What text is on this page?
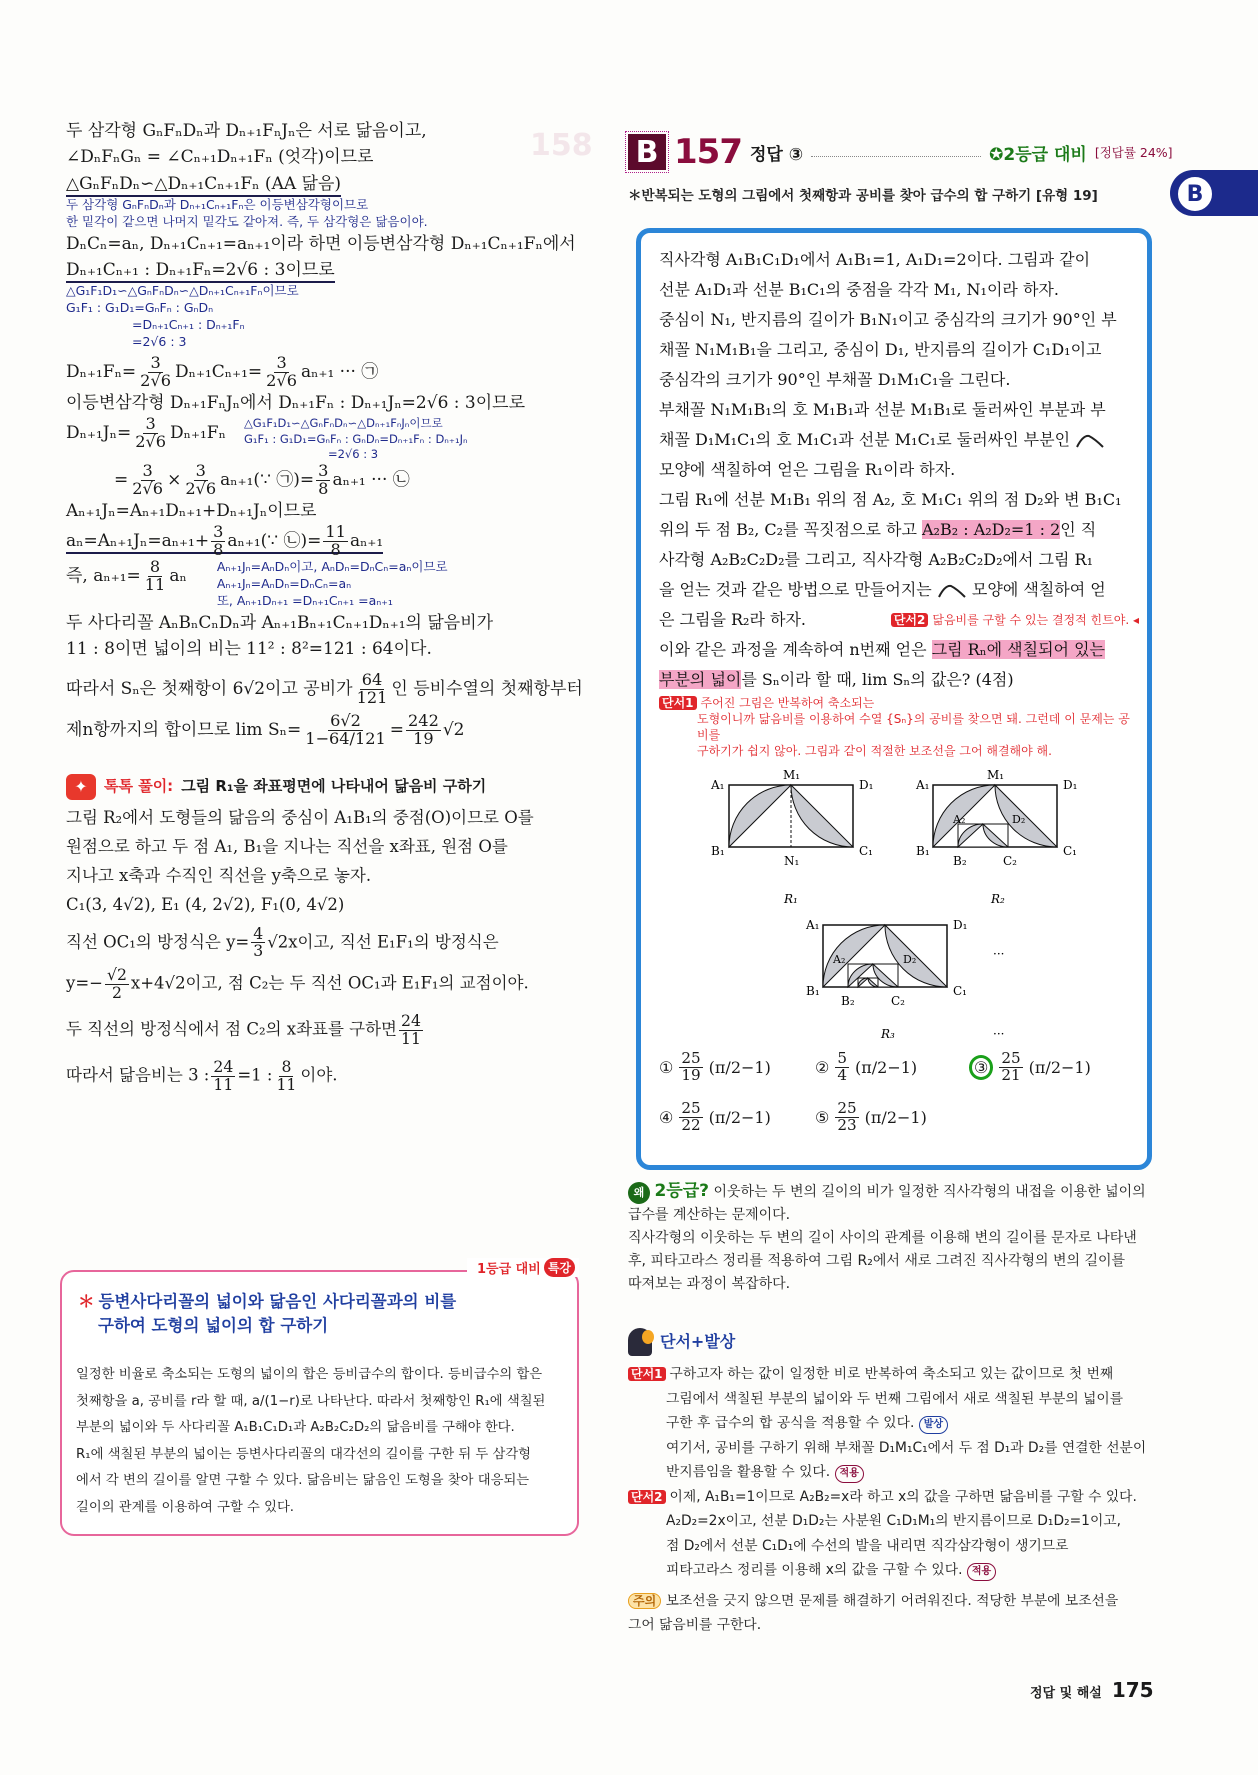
158

두 삼각형 GₙFₙDₙ과 Dₙ₊₁FₙJₙ은 서로 닮음이고,

∠DₙFₙGₙ = ∠Cₙ₊₁Dₙ₊₁Fₙ (엇각)이므로

△GₙFₙDₙ∽△Dₙ₊₁Cₙ₊₁Fₙ (AA 닮음)

두 삼각형 GₙFₙDₙ과 Dₙ₊₁Cₙ₊₁Fₙ은 이등변삼각형이므로
한 밑각이 같으면 나머지 밑각도 같아져. 즉, 두 삼각형은 닮음이야.

DₙCₙ=aₙ, Dₙ₊₁Cₙ₊₁=aₙ₊₁이라 하면 이등변삼각형 Dₙ₊₁Cₙ₊₁Fₙ에서

Dₙ₊₁Cₙ₊₁ : Dₙ₊₁Fₙ=2√6 : 3이므로

△G₁F₁D₁∽△GₙFₙDₙ∽△Dₙ₊₁Cₙ₊₁Fₙ이므로
G₁F₁ : G₁D₁=GₙFₙ : GₙDₙ
=Dₙ₊₁Cₙ₊₁ : Dₙ₊₁Fₙ
=2√6 : 3

$D_{n+1}F_n= \frac{3}{2√6} D_{n+1}C_{n+1}= \frac{3}{2√6} a_{n+1}$ ··· ㉠

이등변삼각형 Dₙ₊₁FₙJₙ에서 Dₙ₊₁Fₙ : Dₙ₊₁Jₙ=2√6 : 3이므로

$D_{n+1}J_n= \frac{3}{2√6} D_{n+1}F_n$ △G₁F₁D₁∽△GₙFₙDₙ∽△Dₙ₊₁FₙJₙ이므로
G₁F₁ : G₁D₁=GₙFₙ : GₙDₙ=Dₙ₊₁Fₙ : Dₙ₊₁Jₙ
=2√6 : 3

= $\frac{3}{2√6} \times \frac{3}{2√6}$ aₙ₊₁(∵ ㉠)= $\frac{3}{8} a_{n+1}$ ··· ㉡

Aₙ₊₁Jₙ=Aₙ₊₁Dₙ₊₁+Dₙ₊₁Jₙ이므로

$a_n=A_{n+1}J_n=a_{n+1}+ \frac{3}{8}$ aₙ₊₁(∵ ㉡)= $\frac{11}{8} a_{n+1}$

즉, $a_{n+1}= \frac{8}{11}$ aₙ Aₙ₊₁Jₙ=AₙDₙ이고, AₙDₙ=DₙCₙ=aₙ이므로
Aₙ₊₁Jₙ=AₙDₙ=DₙCₙ=aₙ
또, Aₙ₊₁Dₙ₊₁ =Dₙ₊₁Cₙ₊₁ =aₙ₊₁

두 사다리꼴 AₙBₙCₙDₙ과 Aₙ₊₁Bₙ₊₁Cₙ₊₁Dₙ₊₁의 닮음비가

11 : 8이면 넓이의 비는 11² : 8²=121 : 64이다.

따라서 Sₙ은 첫째항이 6√2이고 공비가 $\frac{64}{121}$ 인 등비수열의 첫째항부터

제n항까지의 합이므로 $\lim S_n= \frac{6√2}{1-64/121} = \frac{242}{19} √2$

✦	톡톡 풀이: 그림 R₁을 좌표평면에 나타내어 닮음비 구하기

그림 R₂에서 도형들의 닮음의 중심이 A₁B₁의 중점(O)이므로 O를

원점으로 하고 두 점 A₁, B₁을 지나는 직선을 x좌표, 원점 O를

지나고 x축과 수직인 직선을 y축으로 놓자.

C₁(3, 4√2), E₁ (4, 2√2), F₁(0, 4√2)

직선 OC₁의 방정식은 $y= \frac{4}{3} √2x$이고, 직선 E₁F₁의 방정식은

$y=- \frac{√2}{2} x+4√2$이고, 점 C₂는 두 직선 OC₁과 E₁F₁의 교점이야.

두 직선의 방정식에서 점 C₂의 x좌표를 구하면 $\frac{24}{11}$

따라서 닮음비는 3 : $\frac{24}{11} =1$ : $\frac{8}{11}$ 이야.

1등급 대비 특강
＊ 등변사다리꼴의 넓이와 닮음인 사다리꼴과의 비를
구하여 도형의 넓이의 합 구하기
일정한 비율로 축소되는 도형의 넓이의 합은 등비급수의 합이다. 등비급수의 합은
첫째항을 a, 공비를 r라 할 때, a/(1−r)로 나타난다. 따라서 첫째항인 R₁에 색칠된
부분의 넓이와 두 사다리꼴 A₁B₁C₁D₁과 A₂B₂C₂D₂의 닮음비를 구해야 한다.
R₁에 색칠된 부분의 넓이는 등변사다리꼴의 대각선의 길이를 구한 뒤 두 삼각형
에서 각 변의 길이를 알면 구할 수 있다. 닮음비는 닮음인 도형을 찾아 대응되는
길이의 관계를 이용하여 구할 수 있다.
B 157 정답 ③	✪2등급 대비 [정답률 24%]
＊반복되는 도형의 그림에서 첫째항과 공비를 찾아 급수의 합 구하기 [유형 19]	B
직사각형 A₁B₁C₁D₁에서 A₁B₁=1, A₁D₁=2이다. 그림과 같이
선분 A₁D₁과 선분 B₁C₁의 중점을 각각 M₁, N₁이라 하자.
중심이 N₁, 반지름의 길이가 B₁N₁이고 중심각의 크기가 90°인 부
채꼴 N₁M₁B₁을 그리고, 중심이 D₁, 반지름의 길이가 C₁D₁이고
중심각의 크기가 90°인 부채꼴 D₁M₁C₁을 그린다.
부채꼴 N₁M₁B₁의 호 M₁B₁과 선분 M₁B₁로 둘러싸인 부분과 부
채꼴 D₁M₁C₁의 호 M₁C₁과 선분 M₁C₁로 둘러싸인 부분인
모양에 색칠하여 얻은 그림을 R₁이라 하자.
그림 R₁에 선분 M₁B₁ 위의 점 A₂, 호 M₁C₁ 위의 점 D₂와 변 B₁C₁
위의 두 점 B₂, C₂를 꼭짓점으로 하고 A₂B₂ : A₂D₂=1 : 2인 직
사각형 A₂B₂C₂D₂를 그리고, 직사각형 A₂B₂C₂D₂에서 그림 R₁
을 얻는 것과 같은 방법으로 만들어지는	모양에 색칠하여 얻
은 그림을 R₂라 하자.	단서2 닮음비를 구할 수 있는 결정적 힌트야. ◂
이와 같은 과정을 계속하여 n번째 얻은 그림 Rₙ에 색칠되어 있는
부분의 넓이를 Sₙ이라 할 때, lim Sₙ의 값은? (4점)
단서1 주어진 그림은 반복하여 축소되는
도형이니까 닮음비를 이용하여 수열 {Sₙ}의 공비를 찾으면 돼. 그런데 이 문제는 공비를
구하기가 쉽지 않아. 그림과 같이 적절한 보조선을 그어 해결해야 해.
A₁
M₁
D₁
B₁
N₁
C₁
R₁
A₁
M₁
D₁
A₂	D₂
B₁
B₂	C₂
C₁
R₂
A₁	D₁
A₂	D₂
B₁
B₂	C₂
C₁
R₃
···
···
① $\frac{25}{19} (\pi/2-1)$	② $\frac{5}{4} (\pi/2-1)$	③ $\frac{25}{21} (\pi/2-1)$
④ $\frac{25}{22} (\pi/2-1)$	⑤ $\frac{25}{23} (\pi/2-1)$
왜 2등급? 이웃하는 두 변의 길이의 비가 일정한 직사각형의 내접을 이용한 넓이의
급수를 계산하는 문제이다.
직사각형의 이웃하는 두 변의 길이 사이의 관계를 이용해 변의 길이를 문자로 나타낸
후, 피타고라스 정리를 적용하여 그림 R₂에서 새로 그려진 직사각형의 변의 길이를
따져보는 과정이 복잡하다.
단서+발상
단서1 구하고자 하는 값이 일정한 비로 반복하여 축소되고 있는 값이므로 첫 번째
그림에서 색칠된 부분의 넓이와 두 번째 그림에서 새로 색칠된 부분의 넓이를
구한 후 급수의 합 공식을 적용할 수 있다. 발상
여기서, 공비를 구하기 위해 부채꼴 D₁M₁C₁에서 두 점 D₁과 D₂를 연결한 선분이
반지름임을 활용할 수 있다. 적용
단서2 이제, A₁B₁=1이므로 A₂B₂=x라 하고 x의 값을 구하면 닮음비를 구할 수 있다.
A₂D₂=2x이고, 선분 D₁D₂는 사분원 C₁D₁M₁의 반지름이므로 D₁D₂=1이고,
점 D₂에서 선분 C₁D₁에 수선의 발을 내리면 직각삼각형이 생기므로
피타고라스 정리를 이용해 x의 값을 구할 수 있다. 적용
주의 보조선을 긋지 않으면 문제를 해결하기 어려워진다. 적당한 부분에 보조선을
그어 닮음비를 구한다.
정답 및 해설 175
